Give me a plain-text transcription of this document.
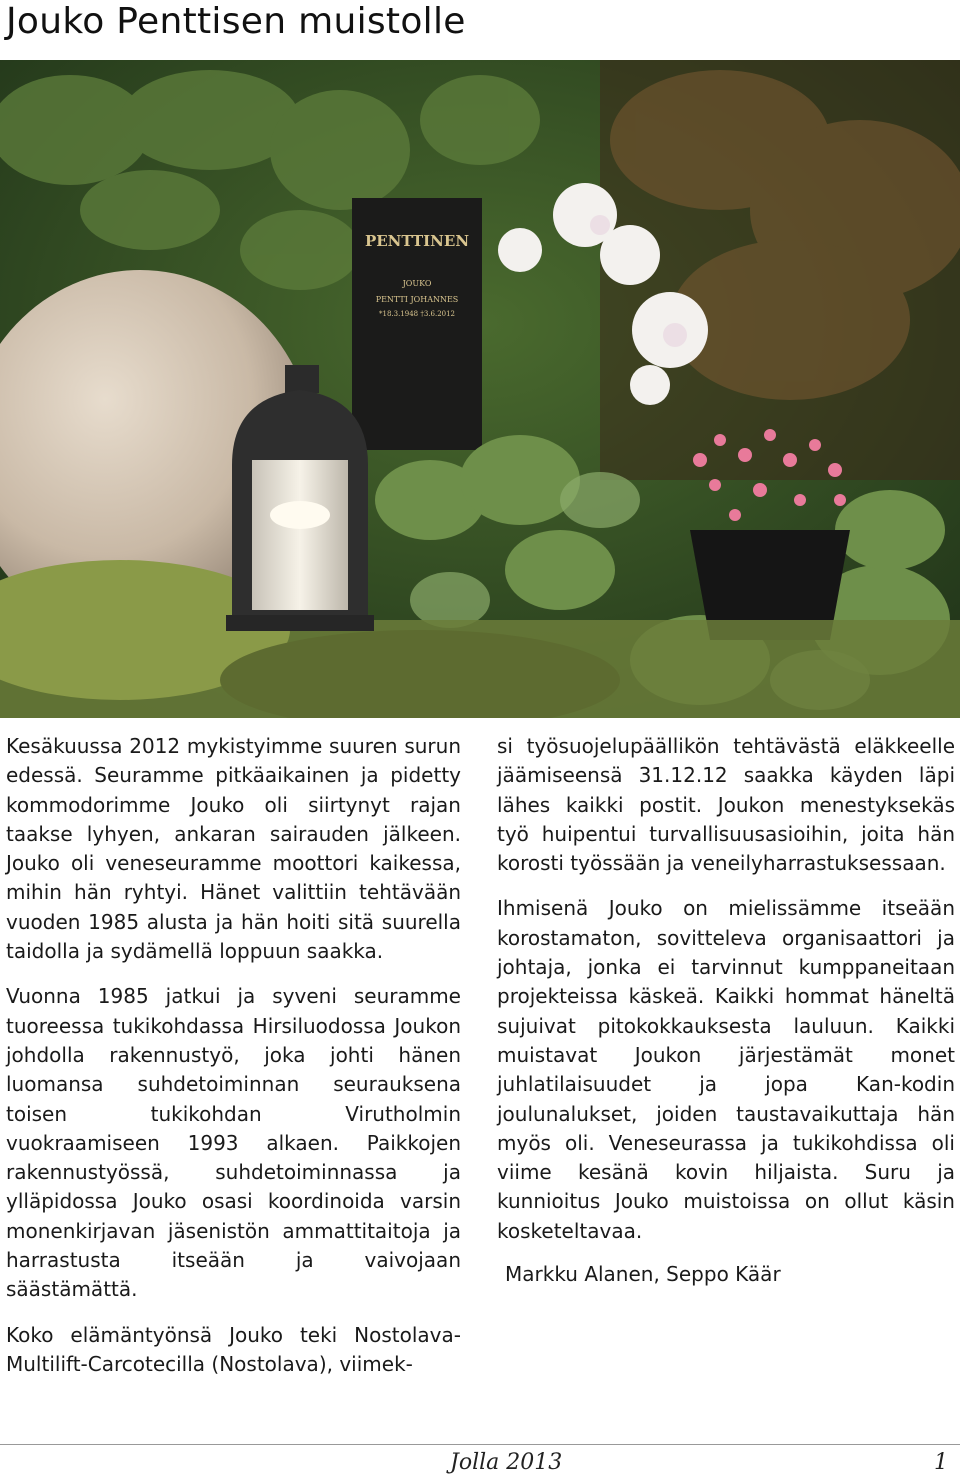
Jouko Penttisen muistolle
PENTTINEN
JOUKO
PENTTI JOHANNES
*18.3.1948 †3.6.2012

Kesäkuussa 2012 mykistyimme suuren surun edessä. Seuramme pitkäaikainen ja pidetty kommodorimme Jouko oli siirtynyt rajan taakse lyhyen, ankaran sairauden jälkeen. Jouko oli veneseuramme moottori kaikessa, mihin hän ryhtyi. Hänet valittiin tehtävään vuoden 1985 alusta ja hän hoiti sitä suurella taidolla ja sydämellä loppuun saakka.

Vuonna 1985 jatkui ja syveni seuramme tuoreessa tukikohdassa Hirsiluodossa Joukon johdolla rakennustyö, joka johti hänen luomansa suhdetoiminnan seurauksena toisen tukikohdan Virutholmin vuokraamiseen 1993 alkaen. Paikkojen rakennustyössä, suhdetoiminnassa ja ylläpidossa Jouko osasi koordinoida varsin monenkirjavan jäsenistön ammattitaitoja ja harrastusta itseään ja vaivojaan säästämättä.

Koko elämäntyönsä Jouko teki Nostolava-Multilift-Carcotecilla (Nostolava), viimek-

si työsuojelupäällikön tehtävästä eläkkeelle jäämiseensä 31.12.12 saakka käyden läpi lähes kaikki postit. Joukon menestyksekäs työ huipentui turvallisuusasioihin, joita hän korosti työssään ja veneilyharrastuksessaan.

Ihmisenä Jouko on mielissämme itseään korostamaton, sovitteleva organisaattori ja johtaja, jonka ei tarvinnut kumppaneitaan projekteissa käskeä. Kaikki hommat häneltä sujuivat pitokokkauksesta lauluun. Kaikki muistavat Joukon järjestämät monet juhlatilaisuudet ja jopa Kan-kodin joulunalukset, joiden taustavaikuttaja hän myös oli. Veneseurassa ja tukikohdissa oli viime kesänä kovin hiljaista. Suru ja kunnioitus Jouko muistoissa on ollut käsin kosketeltavaa.

Markku Alanen, Seppo Käär

Jolla 2013	1
